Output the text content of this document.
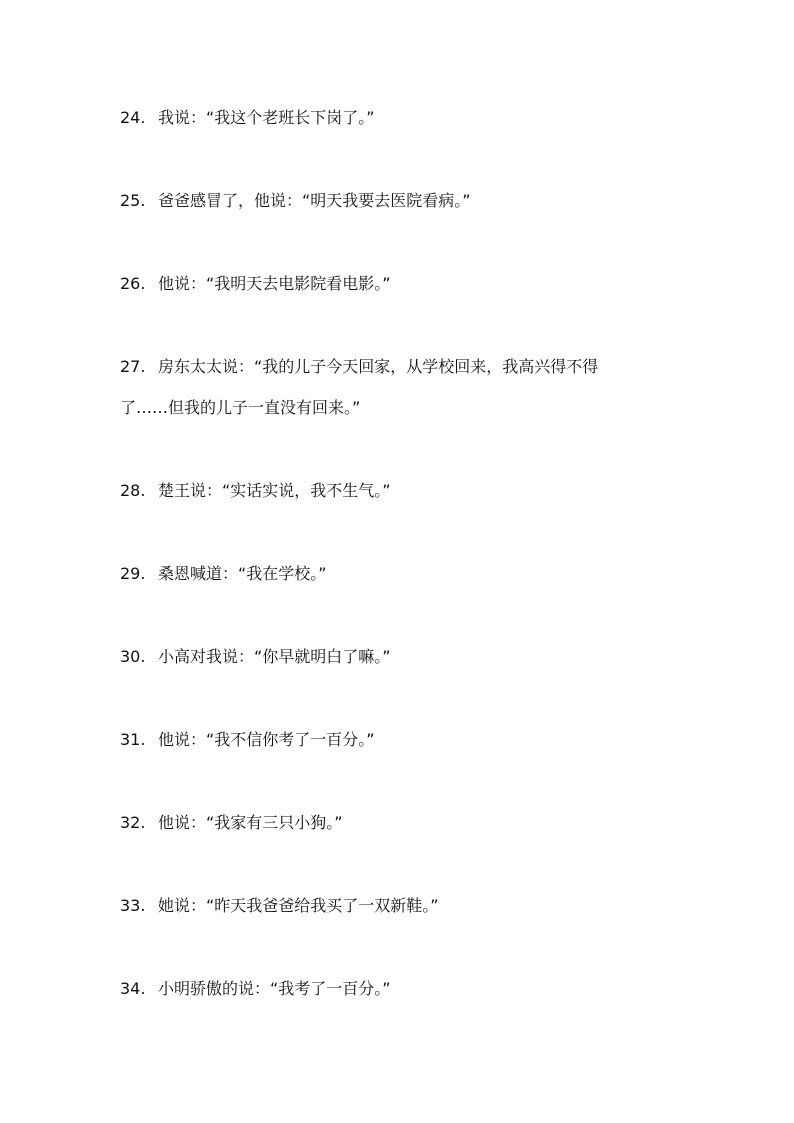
24. 我说：“我这个老班长下岗了。”
25. 爸爸感冒了，他说：“明天我要去医院看病。”
26. 他说：“我明天去电影院看电影。”
27. 房东太太说：“我的儿子今天回家，从学校回来，我高兴得不得
了……但我的儿子一直没有回来。”
28. 楚王说：“实话实说，我不生气。”
29. 桑恩喊道：“我在学校。”
30. 小高对我说：“你早就明白了嘛。”
31. 他说：“我不信你考了一百分。”
32. 他说：“我家有三只小狗。”
33. 她说：“昨天我爸爸给我买了一双新鞋。”
34. 小明骄傲的说：“我考了一百分。”
